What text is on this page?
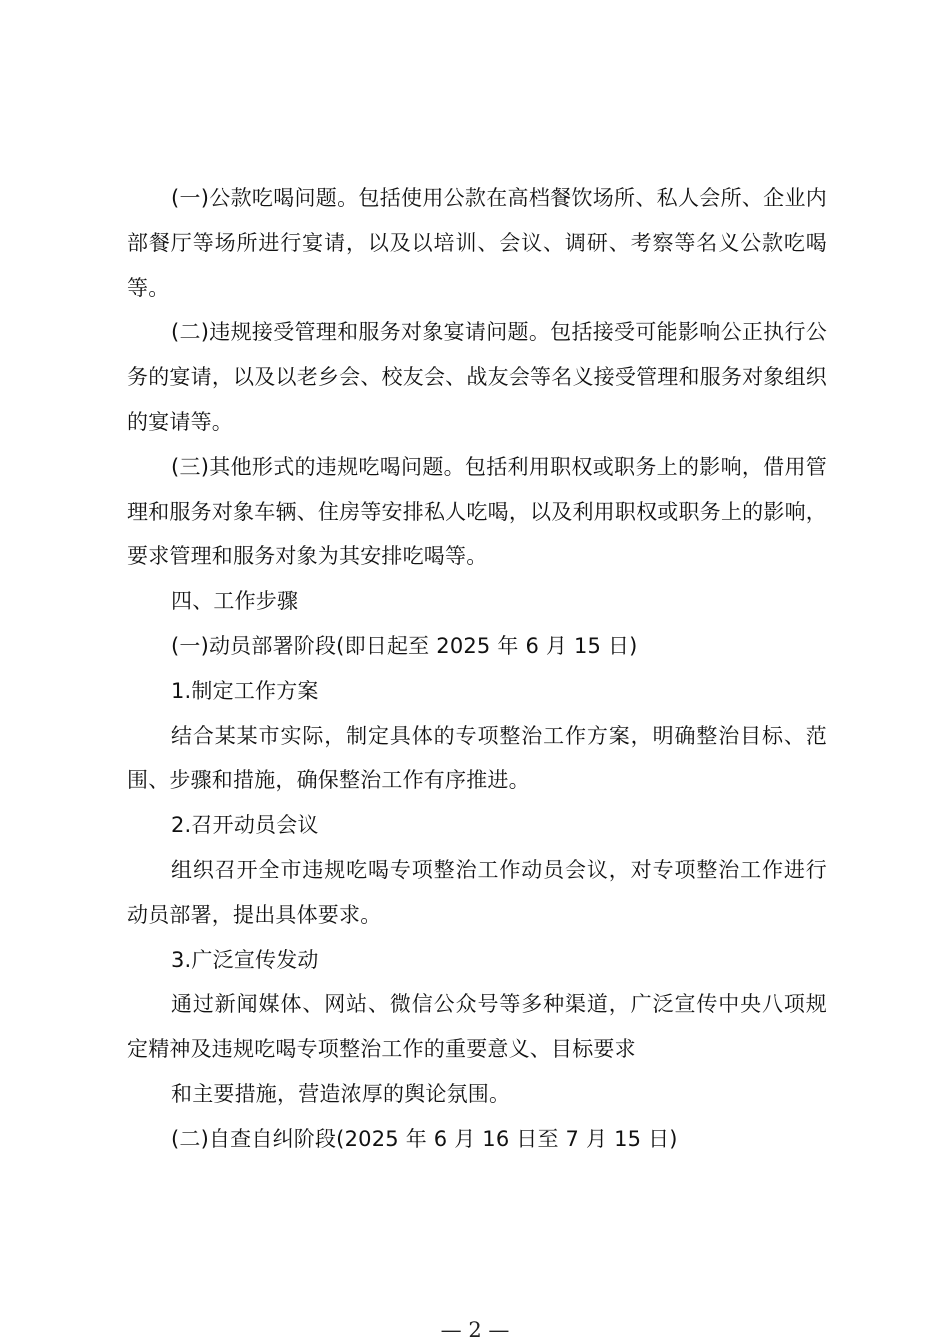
(一)公款吃喝问题。包括使用公款在高档餐饮场所、私人会所、企业内部餐厅等场所进行宴请，以及以培训、会议、调研、考察等名义公款吃喝等。

(二)违规接受管理和服务对象宴请问题。包括接受可能影响公正执行公务的宴请，以及以老乡会、校友会、战友会等名义接受管理和服务对象组织的宴请等。

(三)其他形式的违规吃喝问题。包括利用职权或职务上的影响，借用管理和服务对象车辆、住房等安排私人吃喝，以及利用职权或职务上的影响，要求管理和服务对象为其安排吃喝等。

四、工作步骤

(一)动员部署阶段(即日起至 2025 年 6 月 15 日)

1.制定工作方案

结合某某市实际，制定具体的专项整治工作方案，明确整治目标、范围、步骤和措施，确保整治工作有序推进。

2.召开动员会议

组织召开全市违规吃喝专项整治工作动员会议，对专项整治工作进行动员部署，提出具体要求。

3.广泛宣传发动

通过新闻媒体、网站、微信公众号等多种渠道，广泛宣传中央八项规定精神及违规吃喝专项整治工作的重要意义、目标要求

和主要措施，营造浓厚的舆论氛围。

(二)自查自纠阶段(2025 年 6 月 16 日至 7 月 15 日)

— 2 —
